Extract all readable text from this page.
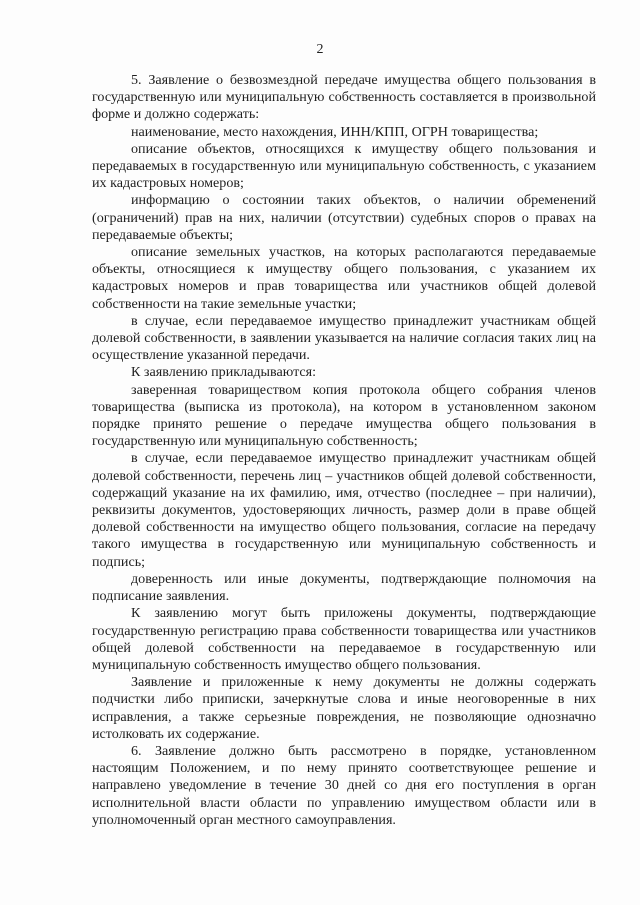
2

5. Заявление о безвозмездной передаче имущества общего пользования в государственную или муниципальную собственность составляется в произвольной форме и должно содержать:

наименование, место нахождения, ИНН/КПП, ОГРН товарищества;

описание объектов, относящихся к имуществу общего пользования и передаваемых в государственную или муниципальную собственность, с указанием их кадастровых номеров;

информацию о состоянии таких объектов, о наличии обременений (ограничений) прав на них, наличии (отсутствии) судебных споров о правах на передаваемые объекты;

описание земельных участков, на которых располагаются передаваемые объекты, относящиеся к имуществу общего пользования, с указанием их кадастровых номеров и прав товарищества или участников общей долевой собственности на такие земельные участки;

в случае, если передаваемое имущество принадлежит участникам общей долевой собственности, в заявлении указывается на наличие согласия таких лиц на осуществление указанной передачи.

К заявлению прикладываются:

заверенная товариществом копия протокола общего собрания членов товарищества (выписка из протокола), на котором в установленном законом порядке принято решение о передаче имущества общего пользования в государственную или муниципальную собственность;

в случае, если передаваемое имущество принадлежит участникам общей долевой собственности, перечень лиц – участников общей долевой собственности, содержащий указание на их фамилию, имя, отчество (последнее – при наличии), реквизиты документов, удостоверяющих личность, размер доли в праве общей долевой собственности на имущество общего пользования, согласие на передачу такого имущества в государственную или муниципальную собственность и подпись;

доверенность или иные документы, подтверждающие полномочия на подписание заявления.

К заявлению могут быть приложены документы, подтверждающие государственную регистрацию права собственности товарищества или участников общей долевой собственности на передаваемое в государственную или муниципальную собственность имущество общего пользования.

Заявление и приложенные к нему документы не должны содержать подчистки либо приписки, зачеркнутые слова и иные неоговоренные в них исправления, а также серьезные повреждения, не позволяющие однозначно истолковать их содержание.

6. Заявление должно быть рассмотрено в порядке, установленном настоящим Положением, и по нему принято соответствующее решение и направлено уведомление в течение 30 дней со дня его поступления в орган исполнительной власти области по управлению имуществом области или в уполномоченный орган местного самоуправления.
